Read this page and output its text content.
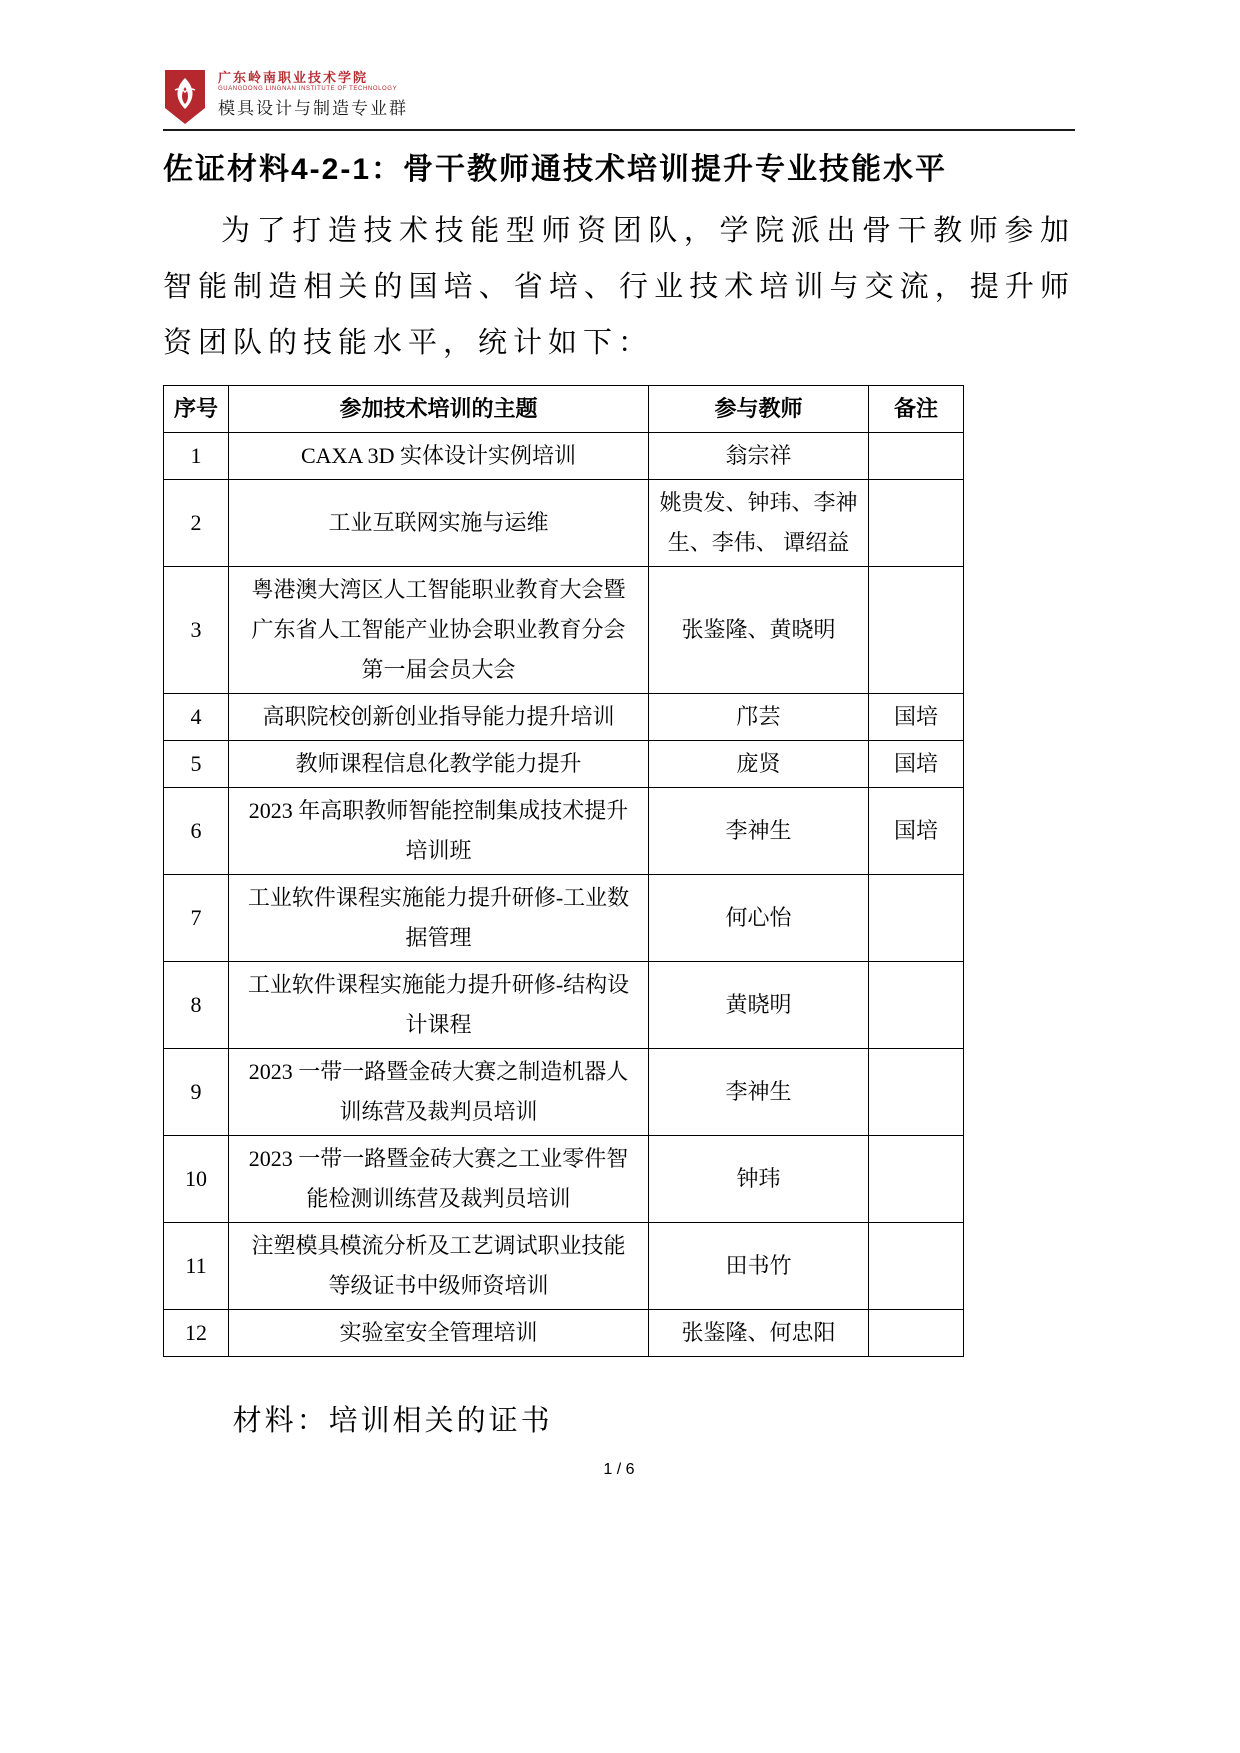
广东岭南职业技术学院
GUANGDONG LINGNAN INSTITUTE OF TECHNOLOGY
模具设计与制造专业群
佐证材料4-2-1：骨干教师通技术培训提升专业技能水平

为了打造技术技能型师资团队，学院派出骨干教师参加智能制造相关的国培、省培、行业技术培训与交流，提升师资团队的技能水平，统计如下：

序号	参加技术培训的主题	参与教师	备注
1	CAXA 3D 实体设计实例培训	翁宗祥	
2	工业互联网实施与运维	姚贵发、钟玮、李神生、李伟、 谭绍益	
3	粤港澳大湾区人工智能职业教育大会暨广东省人工智能产业协会职业教育分会第一届会员大会	张鉴隆、黄晓明	
4	高职院校创新创业指导能力提升培训	邝芸	国培
5	教师课程信息化教学能力提升	庞贤	国培
6	2023 年高职教师智能控制集成技术提升培训班	李神生	国培
7	工业软件课程实施能力提升研修-工业数据管理	何心怡	
8	工业软件课程实施能力提升研修-结构设计课程	黄晓明	
9	2023 一带一路暨金砖大赛之制造机器人训练营及裁判员培训	李神生	
10	2023 一带一路暨金砖大赛之工业零件智能检测训练营及裁判员培训	钟玮	
11	注塑模具模流分析及工艺调试职业技能等级证书中级师资培训	田书竹	
12	实验室安全管理培训	张鉴隆、何忠阳	

材料：培训相关的证书

1 / 6
